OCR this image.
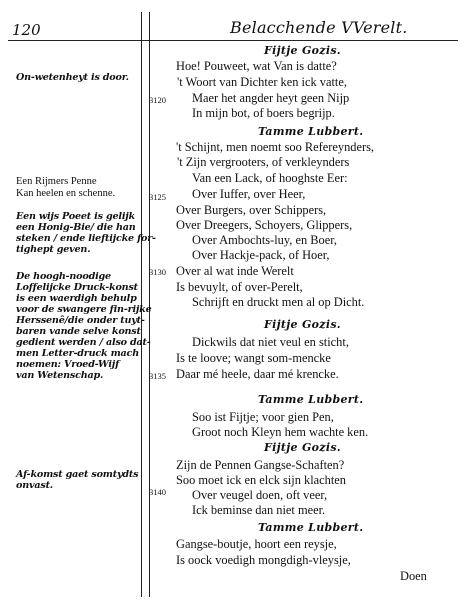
120	Belacchende VVerelt.
On-wetenheyt is door.
Een Rijmers Penne
Kan heelen en schenne.
Een wijs Poeet is gelijk
een Honig-Bie/ die han
steken / ende lieftijcke for-
tighept geven.
De hoogh-noodige
Loffelijcke Druck-konst
is een waerdigh behulp
voor de swangere fin-rijke
Herssenê/die onder tuyt-
baren vande selve konst
gedient werden / also dat-
men Letter-druck mach
noemen: Vroed-Wijf
van Wetenschap.
Af-komst gaet somtydts
onvast.
3120
3125
3130
3135
3140
Fijtje Gozis.
Tamme Lubbert.
Fijtje Gozis.
Tamme Lubbert.
Fijtje Gozis.
Tamme Lubbert.
Hoe! Pouweet, wat Van is datte?
't Woort van Dichter ken ick vatte,
Maer het angder heyt geen Nijp
In mijn bot, of boers begrijp.
't Schijnt, men noemt soo Refereynders,
't Zijn vergrooters, of verkleynders
Van een Lack, of hooghste Eer:
Over Iuffer, over Heer,
Over Burgers, over Schippers,
Over Dreegers, Schoyers, Glippers,
Over Ambochts-luy, en Boer,
Over Hackje-pack, of Hoer,
Over al wat inde Werelt
Is bevuylt, of over-Perelt,
Schrijft en druckt men al op Dicht.
Dickwils dat niet veul en sticht,
Is te loove; wangt som-mencke
Daar mé heele, daar mé krencke.
Soo ist Fijtje; voor gien Pen,
Groot noch Kleyn hem wachte ken.
Zijn de Pennen Gangse-Schaften?
Soo moet ick en elck sijn klachten
Over veugel doen, oft veer,
Ick beminse dan niet meer.
Gangse-boutje, hoort een reysje,
Is oock voedigh mongdigh-vleysje,
Doen
